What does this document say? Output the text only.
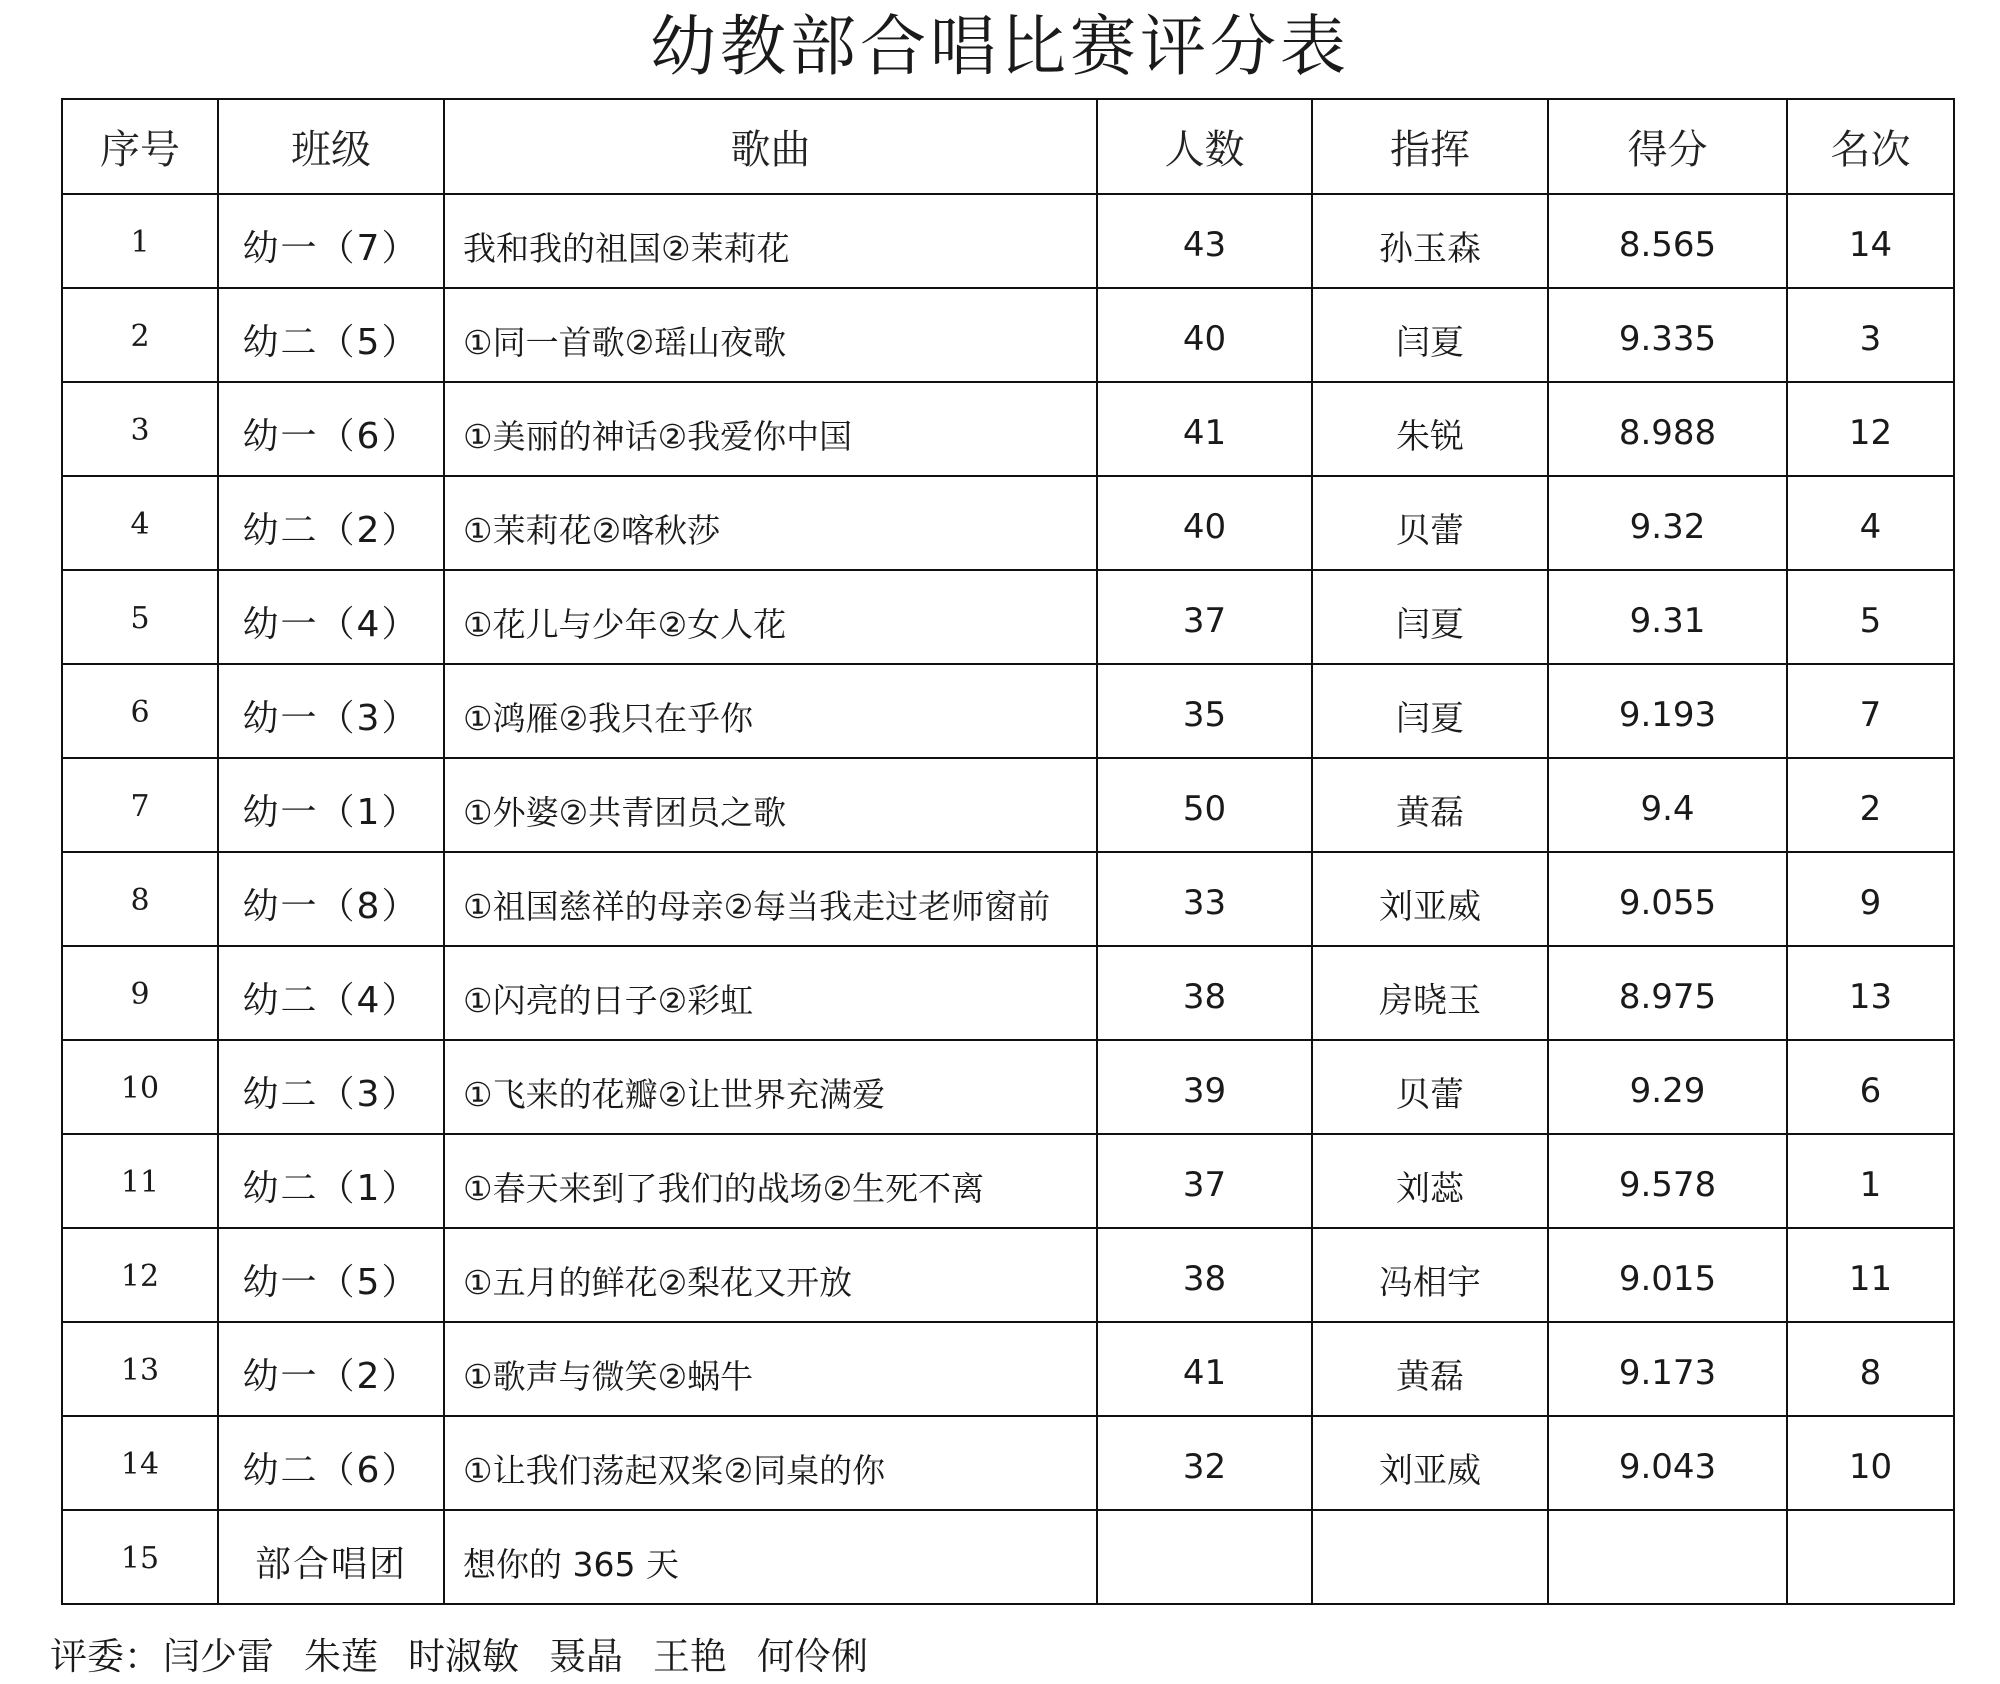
幼教部合唱比赛评分表
序号	班级	歌曲	人数	指挥	得分	名次
1	幼一（7）	我和我的祖国②茉莉花	43	孙玉森	8.565	14
2	幼二（5）	①同一首歌②瑶山夜歌	40	闫夏	9.335	3
3	幼一（6）	①美丽的神话②我爱你中国	41	朱锐	8.988	12
4	幼二（2）	①茉莉花②喀秋莎	40	贝蕾	9.32	4
5	幼一（4）	①花儿与少年②女人花	37	闫夏	9.31	5
6	幼一（3）	①鸿雁②我只在乎你	35	闫夏	9.193	7
7	幼一（1）	①外婆②共青团员之歌	50	黄磊	9.4	2
8	幼一（8）	①祖国慈祥的母亲②每当我走过老师窗前	33	刘亚威	9.055	9
9	幼二（4）	①闪亮的日子②彩虹	38	房晓玉	8.975	13
10	幼二（3）	①飞来的花瓣②让世界充满爱	39	贝蕾	9.29	6
11	幼二（1）	①春天来到了我们的战场②生死不离	37	刘蕊	9.578	1
12	幼一（5）	①五月的鲜花②梨花又开放	38	冯相宇	9.015	11
13	幼一（2）	①歌声与微笑②蜗牛	41	黄磊	9.173	8
14	幼二（6）	①让我们荡起双桨②同桌的你	32	刘亚威	9.043	10
15	部合唱团	想你的 365 天				
评委：闫少雷 朱莲 时淑敏 聂晶 王艳 何伶俐
